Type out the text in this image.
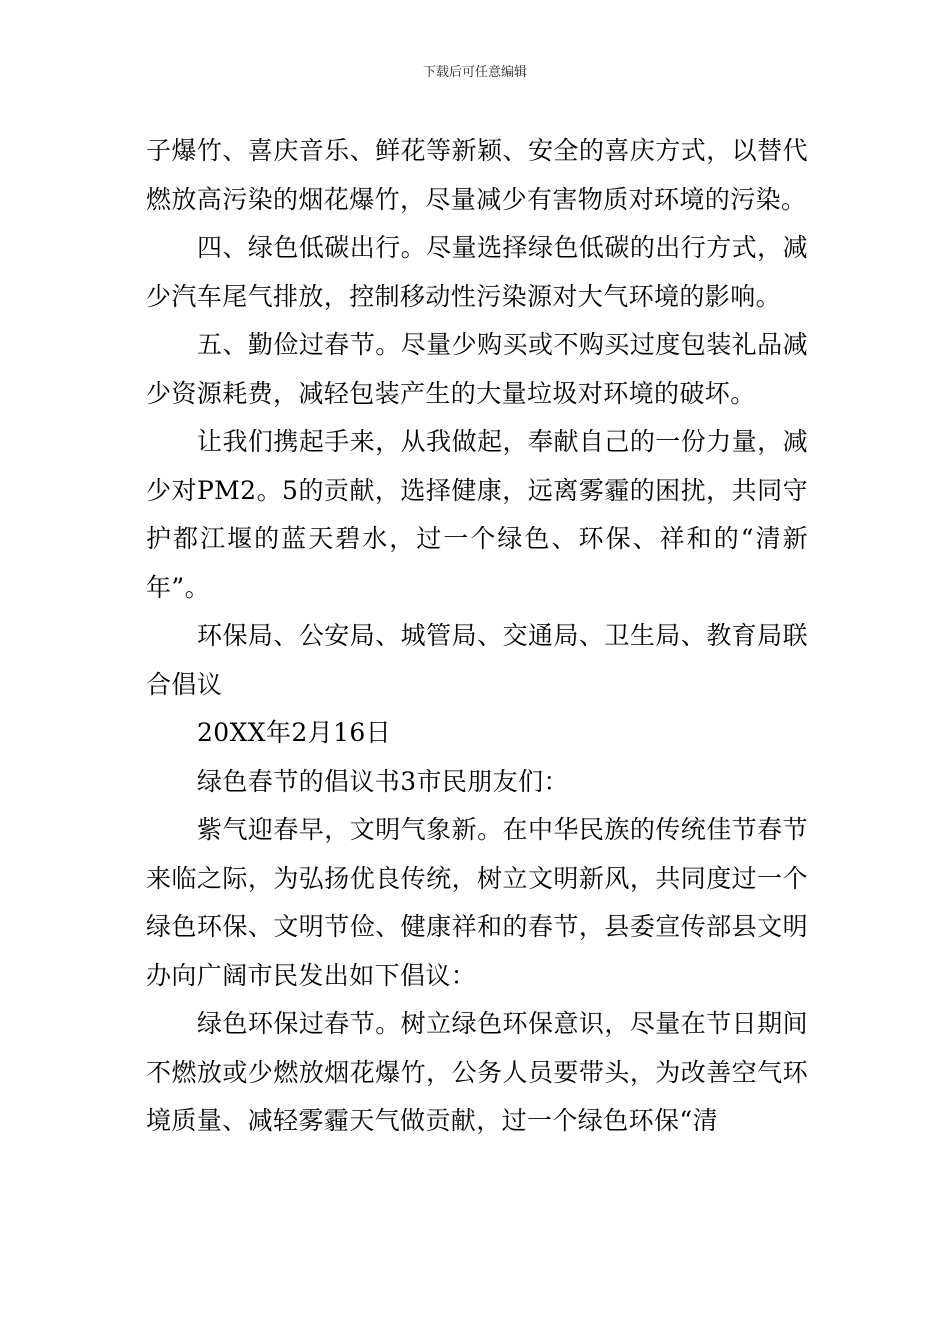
下载后可任意编辑

子爆竹、喜庆音乐、鲜花等新颖、安全的喜庆方式，以替代燃放高污染的烟花爆竹，尽量减少有害物质对环境的污染。

四、绿色低碳出行。尽量选择绿色低碳的出行方式，减少汽车尾气排放，控制移动性污染源对大气环境的影响。

五、勤俭过春节。尽量少购买或不购买过度包装礼品减少资源耗费，减轻包装产生的大量垃圾对环境的破坏。

让我们携起手来，从我做起，奉献自己的一份力量，减少对PM2。5的贡献，选择健康，远离雾霾的困扰，共同守护都江堰的蓝天碧水，过一个绿色、环保、祥和的“清新年”。

环保局、公安局、城管局、交通局、卫生局、教育局联合倡议

20XX年2月16日

绿色春节的倡议书3市民朋友们：

紫气迎春早，文明气象新。在中华民族的传统佳节春节来临之际，为弘扬优良传统，树立文明新风，共同度过一个绿色环保、文明节俭、健康祥和的春节，县委宣传部县文明办向广阔市民发出如下倡议：

绿色环保过春节。树立绿色环保意识，尽量在节日期间不燃放或少燃放烟花爆竹，公务人员要带头，为改善空气环境质量、减轻雾霾天气做贡献，过一个绿色环保“清
